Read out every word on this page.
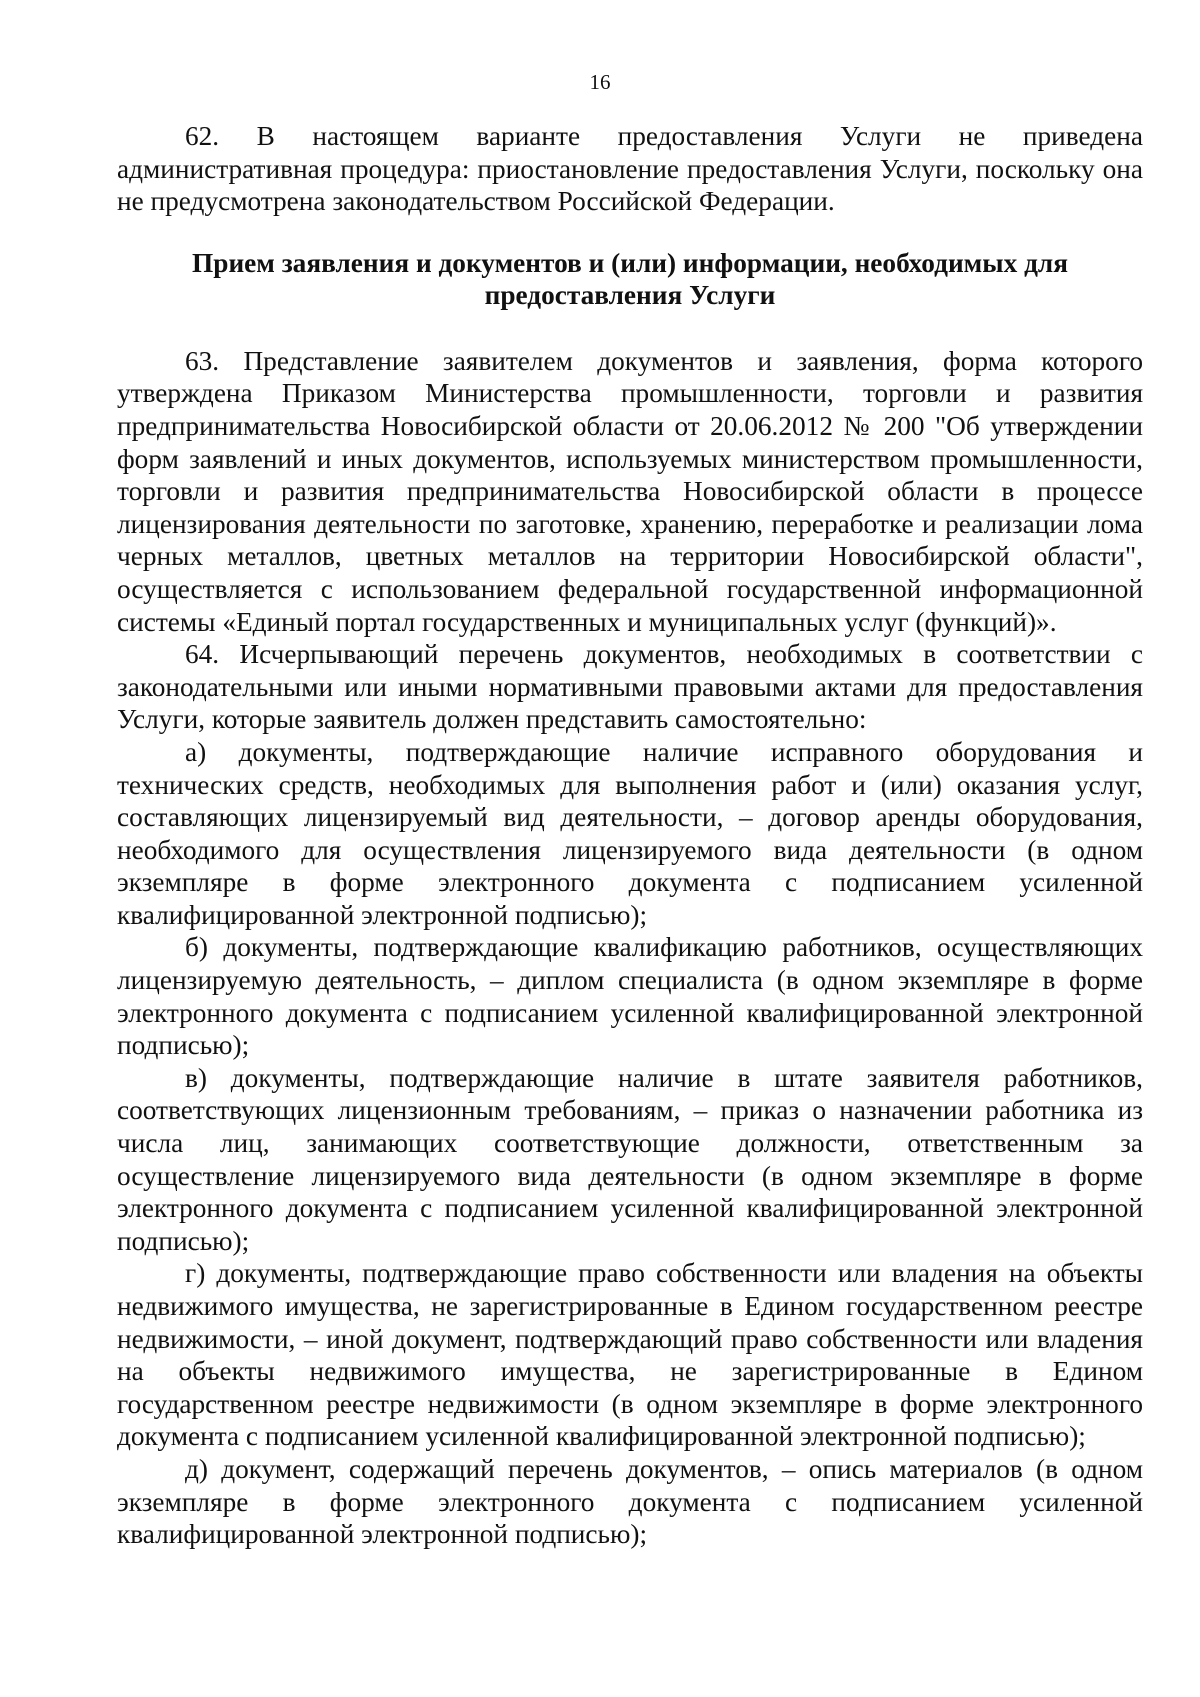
16

62. В настоящем варианте предоставления Услуги не приведена административная процедура: приостановление предоставления Услуги, поскольку она не предусмотрена законодательством Российской Федерации.

Прием заявления и документов и (или) информации, необходимых для
предоставления Услуги

63. Представление заявителем документов и заявления, форма которого утверждена Приказом Министерства промышленности, торговли и развития предпринимательства Новосибирской области от 20.06.2012 № 200 "Об утверждении форм заявлений и иных документов, используемых министерством промышленности, торговли и развития предпринимательства Новосибирской области в процессе лицензирования деятельности по заготовке, хранению, переработке и реализации лома черных металлов, цветных металлов на территории Новосибирской области", осуществляется с использованием федеральной государственной информационной системы «Единый портал государственных и муниципальных услуг (функций)».

64. Исчерпывающий перечень документов, необходимых в соответствии с законодательными или иными нормативными правовыми актами для предоставления Услуги, которые заявитель должен представить самостоятельно:

а) документы, подтверждающие наличие исправного оборудования и технических средств, необходимых для выполнения работ и (или) оказания услуг, составляющих лицензируемый вид деятельности, – договор аренды оборудования, необходимого для осуществления лицензируемого вида деятельности (в одном экземпляре в форме электронного документа с подписанием усиленной квалифицированной электронной подписью);

б) документы, подтверждающие квалификацию работников, осуществляющих лицензируемую деятельность, – диплом специалиста (в одном экземпляре в форме электронного документа с подписанием усиленной квалифицированной электронной подписью);

в) документы, подтверждающие наличие в штате заявителя работников, соответствующих лицензионным требованиям, – приказ о назначении работника из числа лиц, занимающих соответствующие должности, ответственным за осуществление лицензируемого вида деятельности (в одном экземпляре в форме электронного документа с подписанием усиленной квалифицированной электронной подписью);

г) документы, подтверждающие право собственности или владения на объекты недвижимого имущества, не зарегистрированные в Едином государственном реестре недвижимости, – иной документ, подтверждающий право собственности или владения на объекты недвижимого имущества, не зарегистрированные в Едином государственном реестре недвижимости (в одном экземпляре в форме электронного документа с подписанием усиленной квалифицированной электронной подписью);

д) документ, содержащий перечень документов, – опись материалов (в одном экземпляре в форме электронного документа с подписанием усиленной квалифицированной электронной подписью);
